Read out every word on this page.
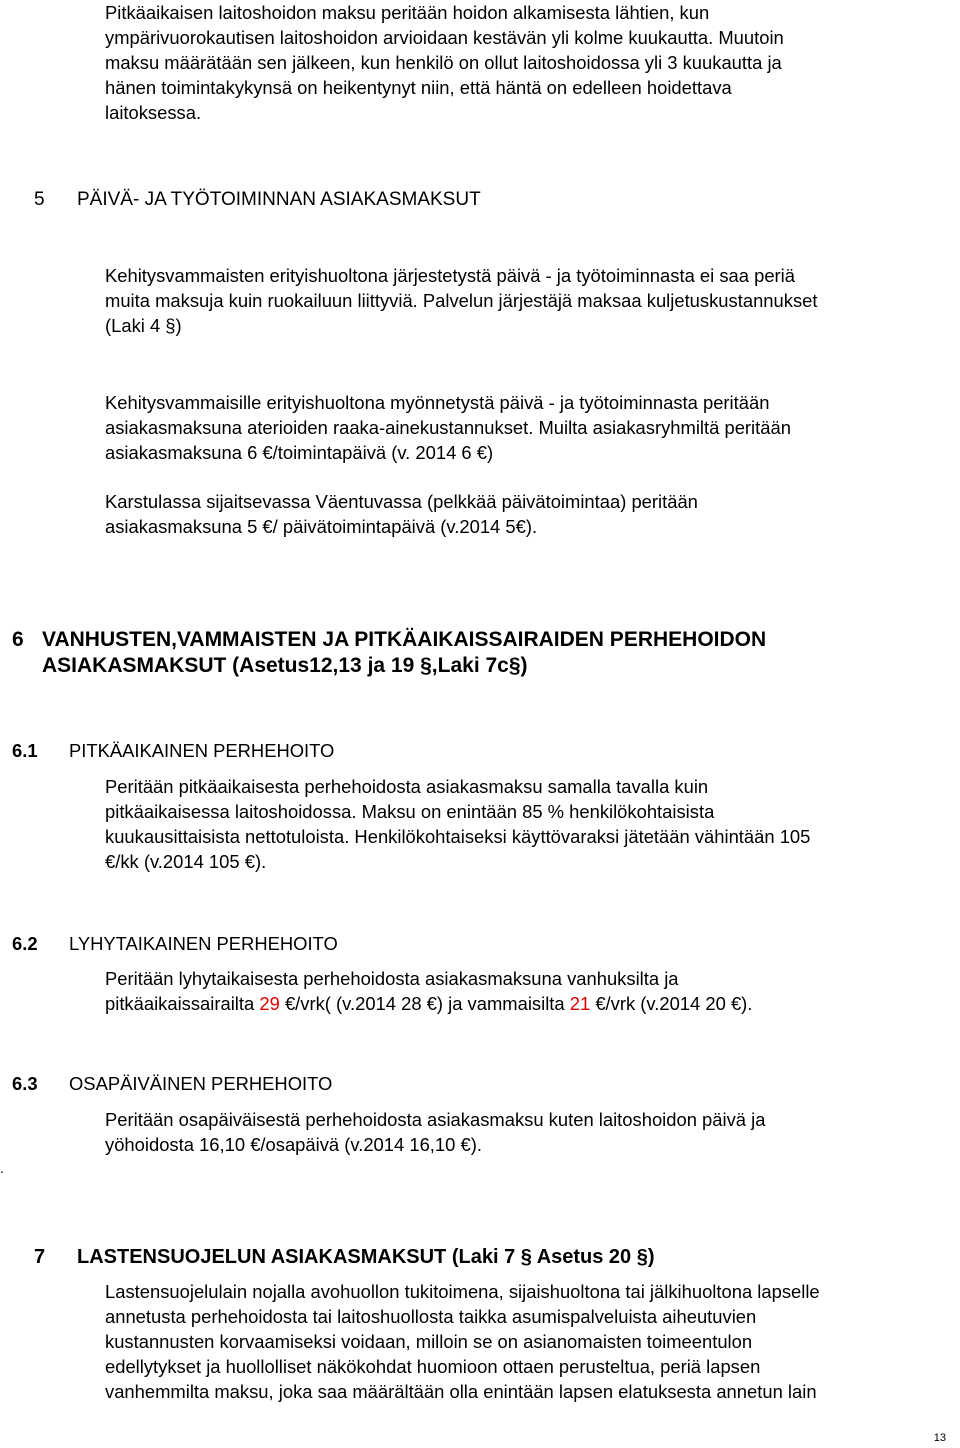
Pitkäaikaisen laitoshoidon maksu peritään hoidon alkamisesta lähtien, kun

ympärivuorokautisen laitoshoidon arvioidaan kestävän yli kolme kuukautta. Muutoin

maksu määrätään sen jälkeen, kun henkilö on ollut laitoshoidossa yli 3 kuukautta ja

hänen toimintakykynsä on heikentynyt niin, että häntä on edelleen hoidettava

laitoksessa.

5 PÄIVÄ- JA TYÖTOIMINNAN ASIAKASMAKSUT

Kehitysvammaisten erityishuoltona järjestetystä päivä - ja työtoiminnasta ei saa periä

muita maksuja kuin ruokailuun liittyviä. Palvelun järjestäjä maksaa kuljetuskustannukset

(Laki 4 §)

Kehitysvammaisille erityishuoltona myönnetystä päivä - ja työtoiminnasta peritään

asiakasmaksuna aterioiden raaka-ainekustannukset. Muilta asiakasryhmiltä peritään

asiakasmaksuna 6 €/toimintapäivä (v. 2014 6 €)

Karstulassa sijaitsevassa Väentuvassa (pelkkää päivätoimintaa) peritään

asiakasmaksuna 5 €/ päivätoimintapäivä (v.2014 5€).

6 VANHUSTEN,VAMMAISTEN JA PITKÄAIKAISSAIRAIDEN PERHEHOIDON
ASIAKASMAKSUT (Asetus12,13 ja 19 §,Laki 7c§)
6.1 PITKÄAIKAINEN PERHEHOITO

Peritään pitkäaikaisesta perhehoidosta asiakasmaksu samalla tavalla kuin

pitkäaikaisessa laitoshoidossa. Maksu on enintään 85 % henkilökohtaisista

kuukausittaisista nettotuloista. Henkilökohtaiseksi käyttövaraksi jätetään vähintään 105

€/kk (v.2014 105 €).

6.2 LYHYTAIKAINEN PERHEHOITO

Peritään lyhytaikaisesta perhehoidosta asiakasmaksuna vanhuksilta ja

pitkäaikaissairailta 29 €/vrk( (v.2014 28 €) ja vammaisilta 21 €/vrk (v.2014 20 €).

6.3 OSAPÄIVÄINEN PERHEHOITO

Peritään osapäiväisestä perhehoidosta asiakasmaksu kuten laitoshoidon päivä ja

yöhoidosta 16,10 €/osapäivä (v.2014 16,10 €).

.
7 LASTENSUOJELUN ASIAKASMAKSUT (Laki 7 § Asetus 20 §)

Lastensuojelulain nojalla avohuollon tukitoimena, sijaishuoltona tai jälkihuoltona lapselle

annetusta perhehoidosta tai laitoshuollosta taikka asumispalveluista aiheutuvien

kustannusten korvaamiseksi voidaan, milloin se on asianomaisten toimeentulon

edellytykset ja huollolliset näkökohdat huomioon ottaen perusteltua, periä lapsen

vanhemmilta maksu, joka saa määrältään olla enintään lapsen elatuksesta annetun lain

13
